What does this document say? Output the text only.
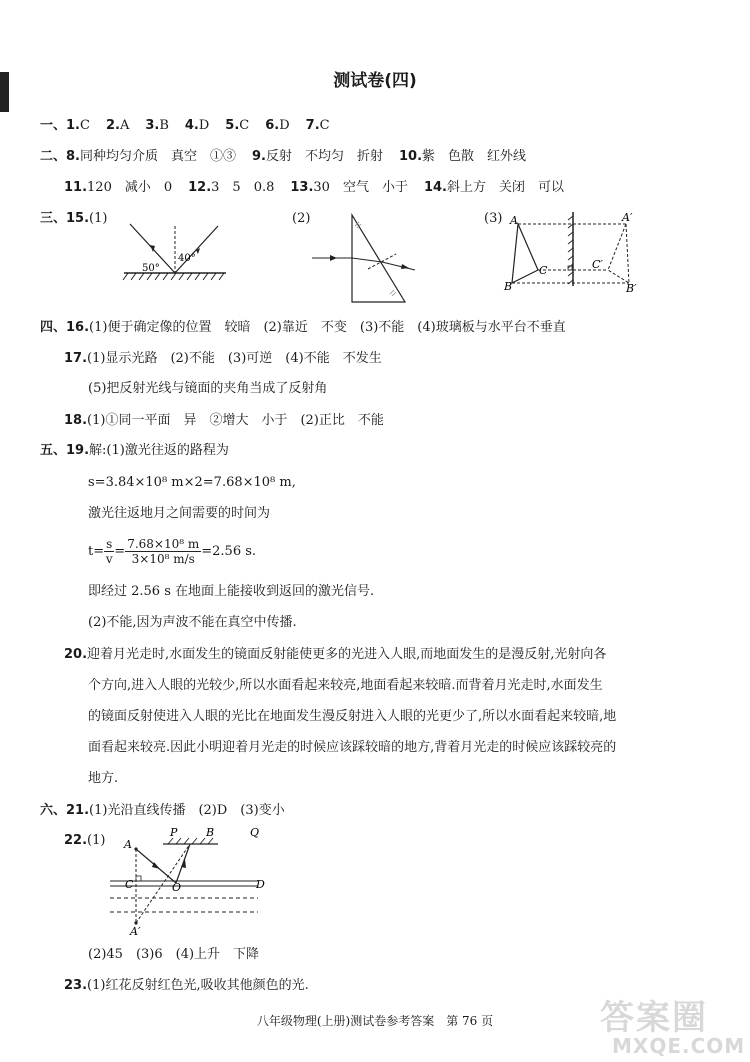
测试卷(四)
一、1.C 2.A 3.B 4.D 5.C 6.D 7.C
二、8.同种均匀介质　真空　①③ 9.反射　不均匀　折射 10.紫　色散　红外线
11.120　减小　0 12.3　5　0.8 13.30　空气　小于 14.斜上方　关闭　可以
三、15.(1)	(2)	(3)
50°
40°
A	A′
B	B′
C	C′
四、16.(1)便于确定像的位置　较暗　(2)靠近　不变　(3)不能　(4)玻璃板与水平台不垂直
17.(1)显示光路　(2)不能　(3)可逆　(4)不能　不发生
(5)把反射光线与镜面的夹角当成了反射角
18.(1)①同一平面　异　②增大　小于　(2)正比　不能
五、19.解:(1)激光往返的路程为
s=3.84×10⁸ m×2=7.68×10⁸ m,
激光往返地月之间需要的时间为
$t= \frac{s}{v} = \frac{\text{7.68×10⁸ m}}{\text{3×10⁸ m/s}} =2.56$ s.
即经过 2.56 s 在地面上能接收到返回的激光信号.
(2)不能,因为声波不能在真空中传播.
20.迎着月光走时,水面发生的镜面反射能使更多的光进入人眼,而地面发生的是漫反射,光射向各
个方向,进入人眼的光较少,所以水面看起来较亮,地面看起来较暗.而背着月光走时,水面发生
的镜面反射使进入人眼的光比在地面发生漫反射进入人眼的光更少了,所以水面看起来较暗,地
面看起来较亮.因此小明迎着月光走的时候应该踩较暗的地方,背着月光走的时候应该踩较亮的
地方.
六、21.(1)光沿直线传播　(2)D　(3)变小
22.(1) A
P	B	Q
C	O	D
A′
(2)45　(3)6　(4)上升　下降
23.(1)红花反射红色光,吸收其他颜色的光.
八年级物理(上册)测试卷参考答案　第 76 页	答案圈
MXQE.COM
